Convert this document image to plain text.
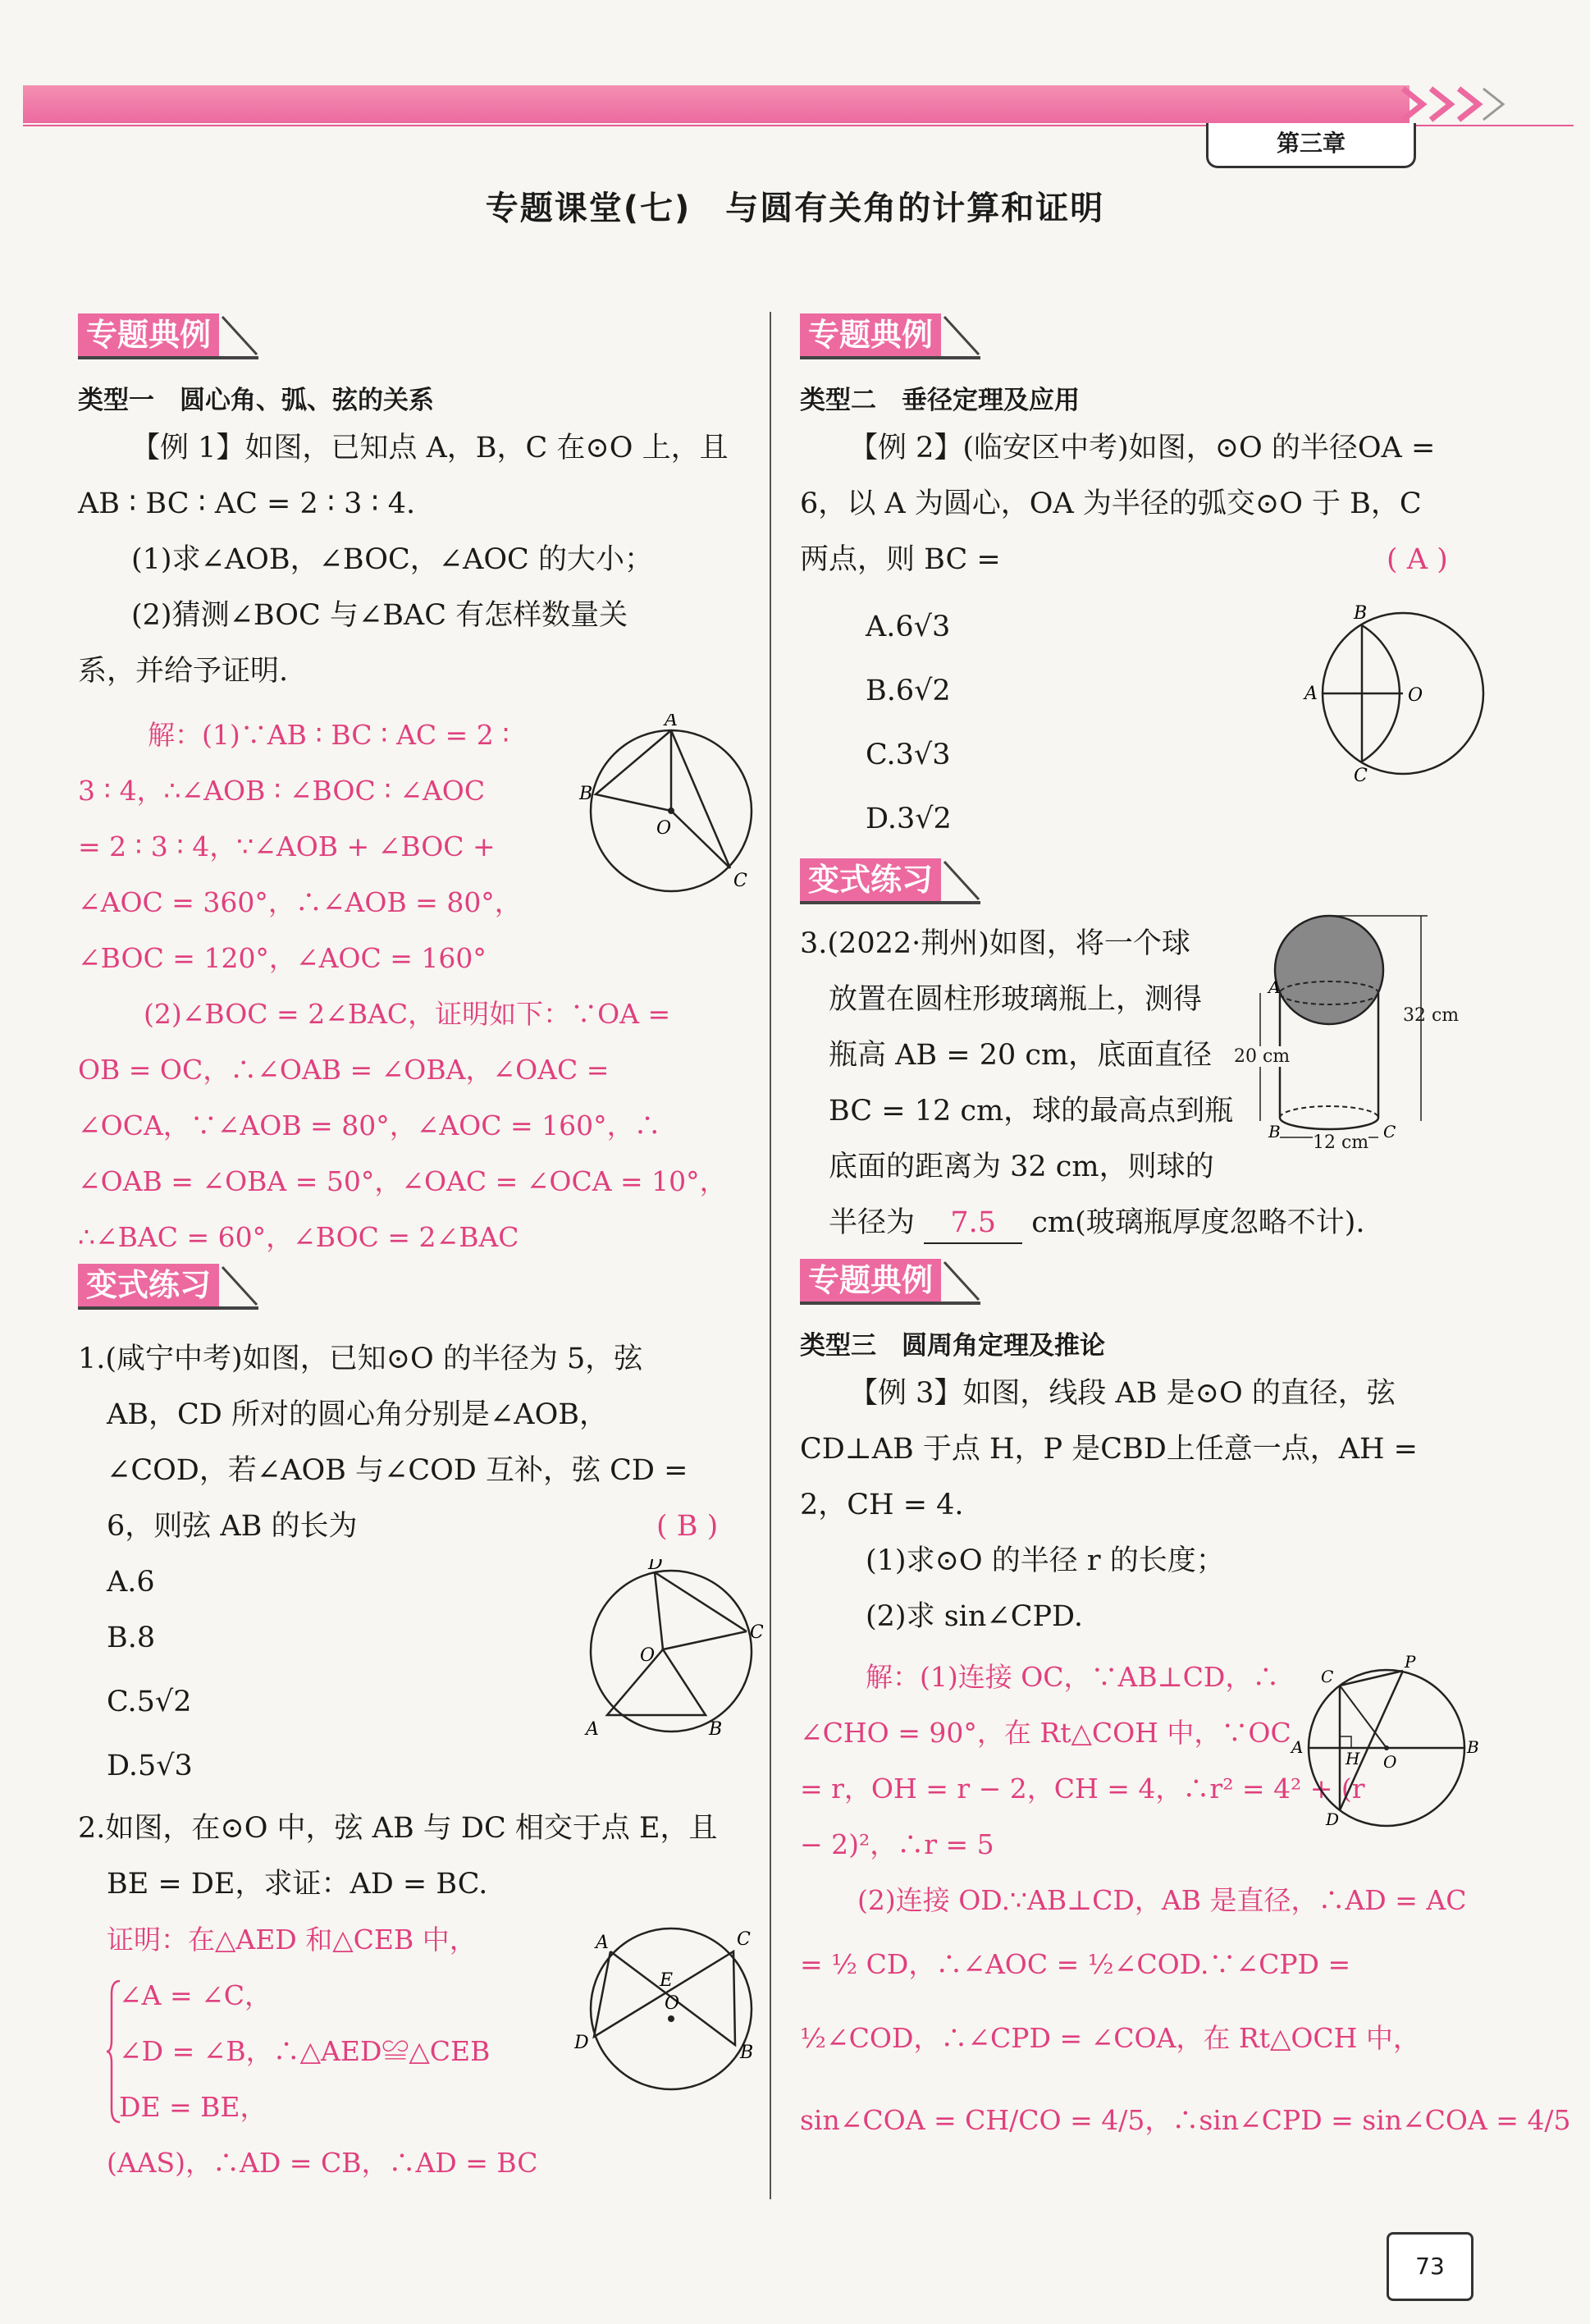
第三章
专题课堂(七)　与圆有关角的计算和证明
专题典例
类型一　圆心角、弧、弦的关系
【例 1】如图，已知点 A，B，C 在⊙O 上，且
AB ∶ BC ∶ AC = 2 ∶ 3 ∶ 4.
(1)求∠AOB，∠BOC，∠AOC 的大小；
(2)猜测∠BOC 与∠BAC 有怎样数量关
系，并给予证明.
解：(1)∵AB ∶ BC ∶ AC = 2 ∶
3 ∶ 4，∴∠AOB ∶ ∠BOC ∶ ∠AOC
= 2 ∶ 3 ∶ 4，∵∠AOB + ∠BOC +
∠AOC = 360°，∴∠AOB = 80°，
∠BOC = 120°，∠AOC = 160°
(2)∠BOC = 2∠BAC，证明如下：∵OA =
OB = OC，∴∠OAB = ∠OBA，∠OAC =
∠OCA，∵∠AOB = 80°，∠AOC = 160°，∴
∠OAB = ∠OBA = 50°，∠OAC = ∠OCA = 10°，
∴∠BAC = 60°，∠BOC = 2∠BAC
A
B
C
O
变式练习
1.(咸宁中考)如图，已知⊙O 的半径为 5，弦
AB，CD 所对的圆心角分别是∠AOB，
∠COD，若∠AOB 与∠COD 互补，弦 CD =
6，则弦 AB 的长为	( B )
A.6
B.8
C.5√2
D.5√3
D
C
O
A	B
2.如图，在⊙O 中，弦 AB 与 DC 相交于点 E，且
BE = DE，求证：AD = BC.
证明：在△AED 和△CEB 中，
∠A = ∠C，
∠D = ∠B，∴△AED≌△CEB
DE = BE，
(AAS)，∴AD = CB，∴AD = BC
A	C
E
O
D	B
专题典例
类型二　垂径定理及应用
【例 2】(临安区中考)如图，⊙O 的半径OA =
6，以 A 为圆心，OA 为半径的弧交⊙O 于 B，C
两点，则 BC =	( A )
A.6√3
B.6√2
C.3√3
D.3√2
B
A	O
C
变式练习
3.(2022·荆州)如图，将一个球
放置在圆柱形玻璃瓶上，测得
瓶高 AB = 20 cm，底面直径
BC = 12 cm，球的最高点到瓶
底面的距离为 32 cm，则球的
半径为 7.5 cm(玻璃瓶厚度忽略不计).
A
B	C
32 cm
20 cm
12 cm
专题典例
类型三　圆周角定理及推论
【例 3】如图，线段 AB 是⊙O 的直径，弦
CD⊥AB 于点 H，P 是CBD上任意一点，AH =
2，CH = 4.
(1)求⊙O 的半径 r 的长度；
(2)求 sin∠CPD.
解：(1)连接 OC，∵AB⊥CD，∴
∠CHO = 90°，在 Rt△COH 中，∵OC
= r，OH = r − 2，CH = 4，∴r² = 4² + (r
− 2)²，∴r = 5
(2)连接 OD.∵AB⊥CD，AB 是直径，∴AD = AC
= ½ CD，∴∠AOC = ½∠COD.∵∠CPD =
½∠COD，∴∠CPD = ∠COA，在 Rt△OCH 中，
sin∠COA = CH/CO = 4/5，∴sin∠CPD = sin∠COA = 4/5
C
P
A
H O
B
D
73
